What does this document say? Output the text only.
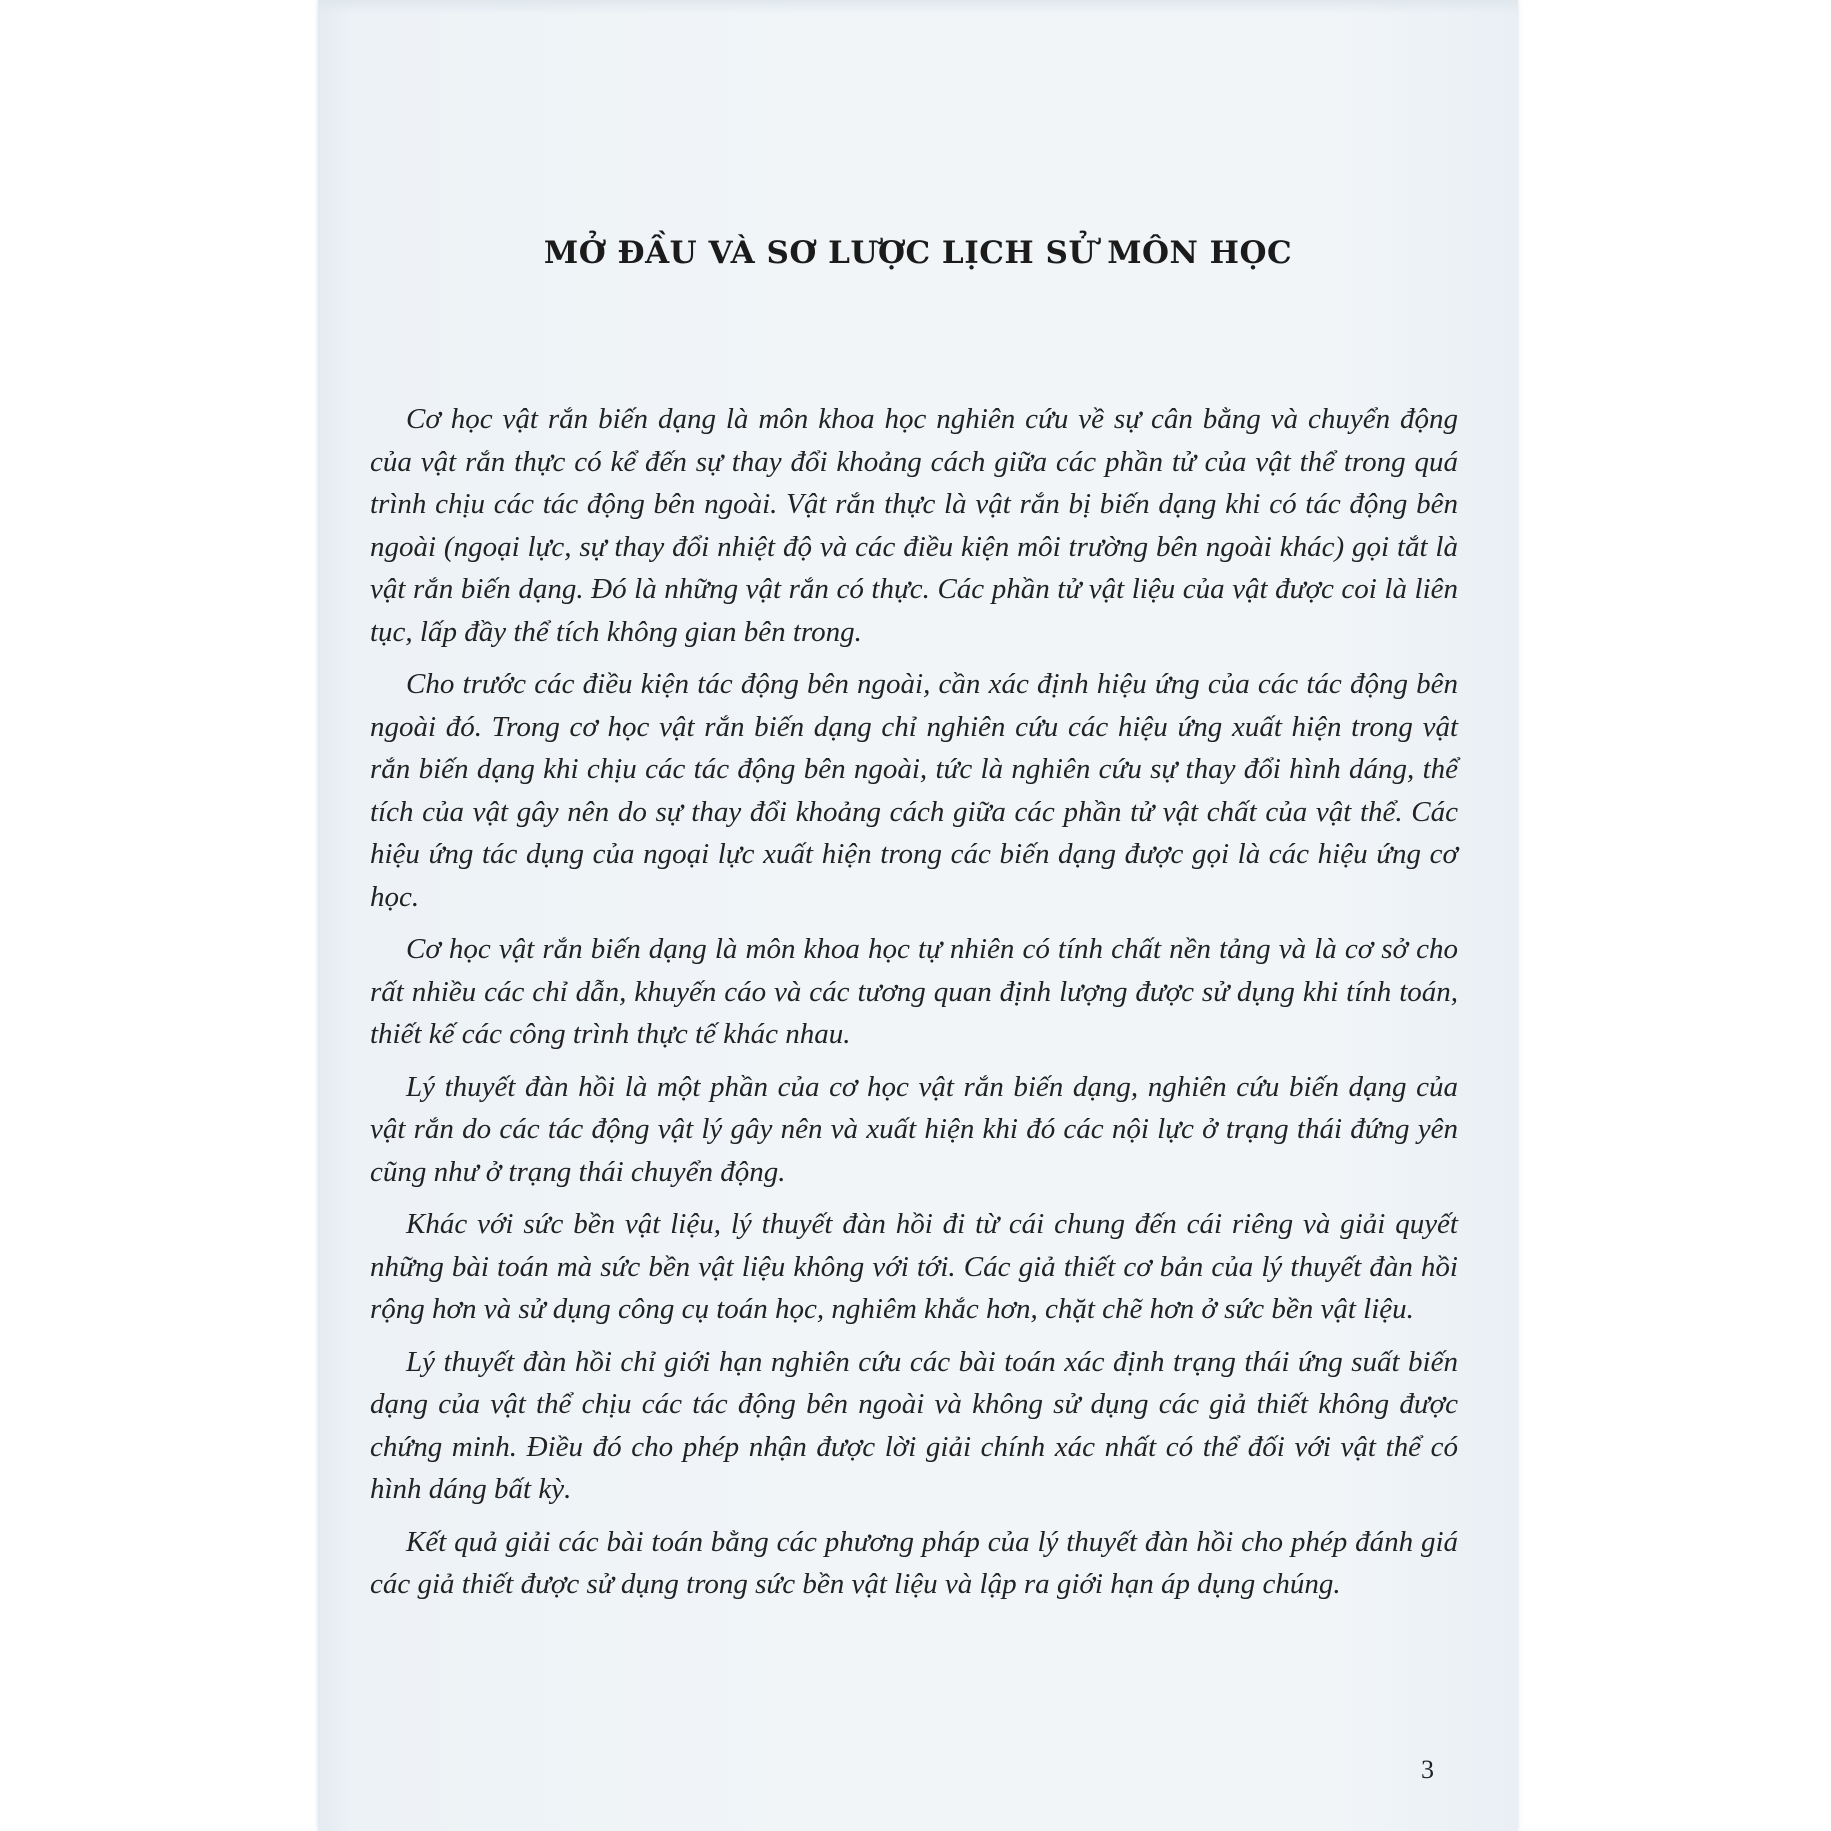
MỞ ĐẦU VÀ SƠ LƯỢC LỊCH SỬ MÔN HỌC

Cơ học vật rắn biến dạng là môn khoa học nghiên cứu về sự cân bằng và chuyển động của vật rắn thực có kể đến sự thay đổi khoảng cách giữa các phần tử của vật thể trong quá trình chịu các tác động bên ngoài. Vật rắn thực là vật rắn bị biến dạng khi có tác động bên ngoài (ngoại lực, sự thay đổi nhiệt độ và các điều kiện môi trường bên ngoài khác) gọi tắt là vật rắn biến dạng. Đó là những vật rắn có thực. Các phần tử vật liệu của vật được coi là liên tục, lấp đầy thể tích không gian bên trong.

Cho trước các điều kiện tác động bên ngoài, cần xác định hiệu ứng của các tác động bên ngoài đó. Trong cơ học vật rắn biến dạng chỉ nghiên cứu các hiệu ứng xuất hiện trong vật rắn biến dạng khi chịu các tác động bên ngoài, tức là nghiên cứu sự thay đổi hình dáng, thể tích của vật gây nên do sự thay đổi khoảng cách giữa các phần tử vật chất của vật thể. Các hiệu ứng tác dụng của ngoại lực xuất hiện trong các biến dạng được gọi là các hiệu ứng cơ học.

Cơ học vật rắn biến dạng là môn khoa học tự nhiên có tính chất nền tảng và là cơ sở cho rất nhiều các chỉ dẫn, khuyến cáo và các tương quan định lượng được sử dụng khi tính toán, thiết kế các công trình thực tế khác nhau.

Lý thuyết đàn hồi là một phần của cơ học vật rắn biến dạng, nghiên cứu biến dạng của vật rắn do các tác động vật lý gây nên và xuất hiện khi đó các nội lực ở trạng thái đứng yên cũng như ở trạng thái chuyển động.

Khác với sức bền vật liệu, lý thuyết đàn hồi đi từ cái chung đến cái riêng và giải quyết những bài toán mà sức bền vật liệu không với tới. Các giả thiết cơ bản của lý thuyết đàn hồi rộng hơn và sử dụng công cụ toán học, nghiêm khắc hơn, chặt chẽ hơn ở sức bền vật liệu.

Lý thuyết đàn hồi chỉ giới hạn nghiên cứu các bài toán xác định trạng thái ứng suất biến dạng của vật thể chịu các tác động bên ngoài và không sử dụng các giả thiết không được chứng minh. Điều đó cho phép nhận được lời giải chính xác nhất có thể đối với vật thể có hình dáng bất kỳ.

Kết quả giải các bài toán bằng các phương pháp của lý thuyết đàn hồi cho phép đánh giá các giả thiết được sử dụng trong sức bền vật liệu và lập ra giới hạn áp dụng chúng.

3
